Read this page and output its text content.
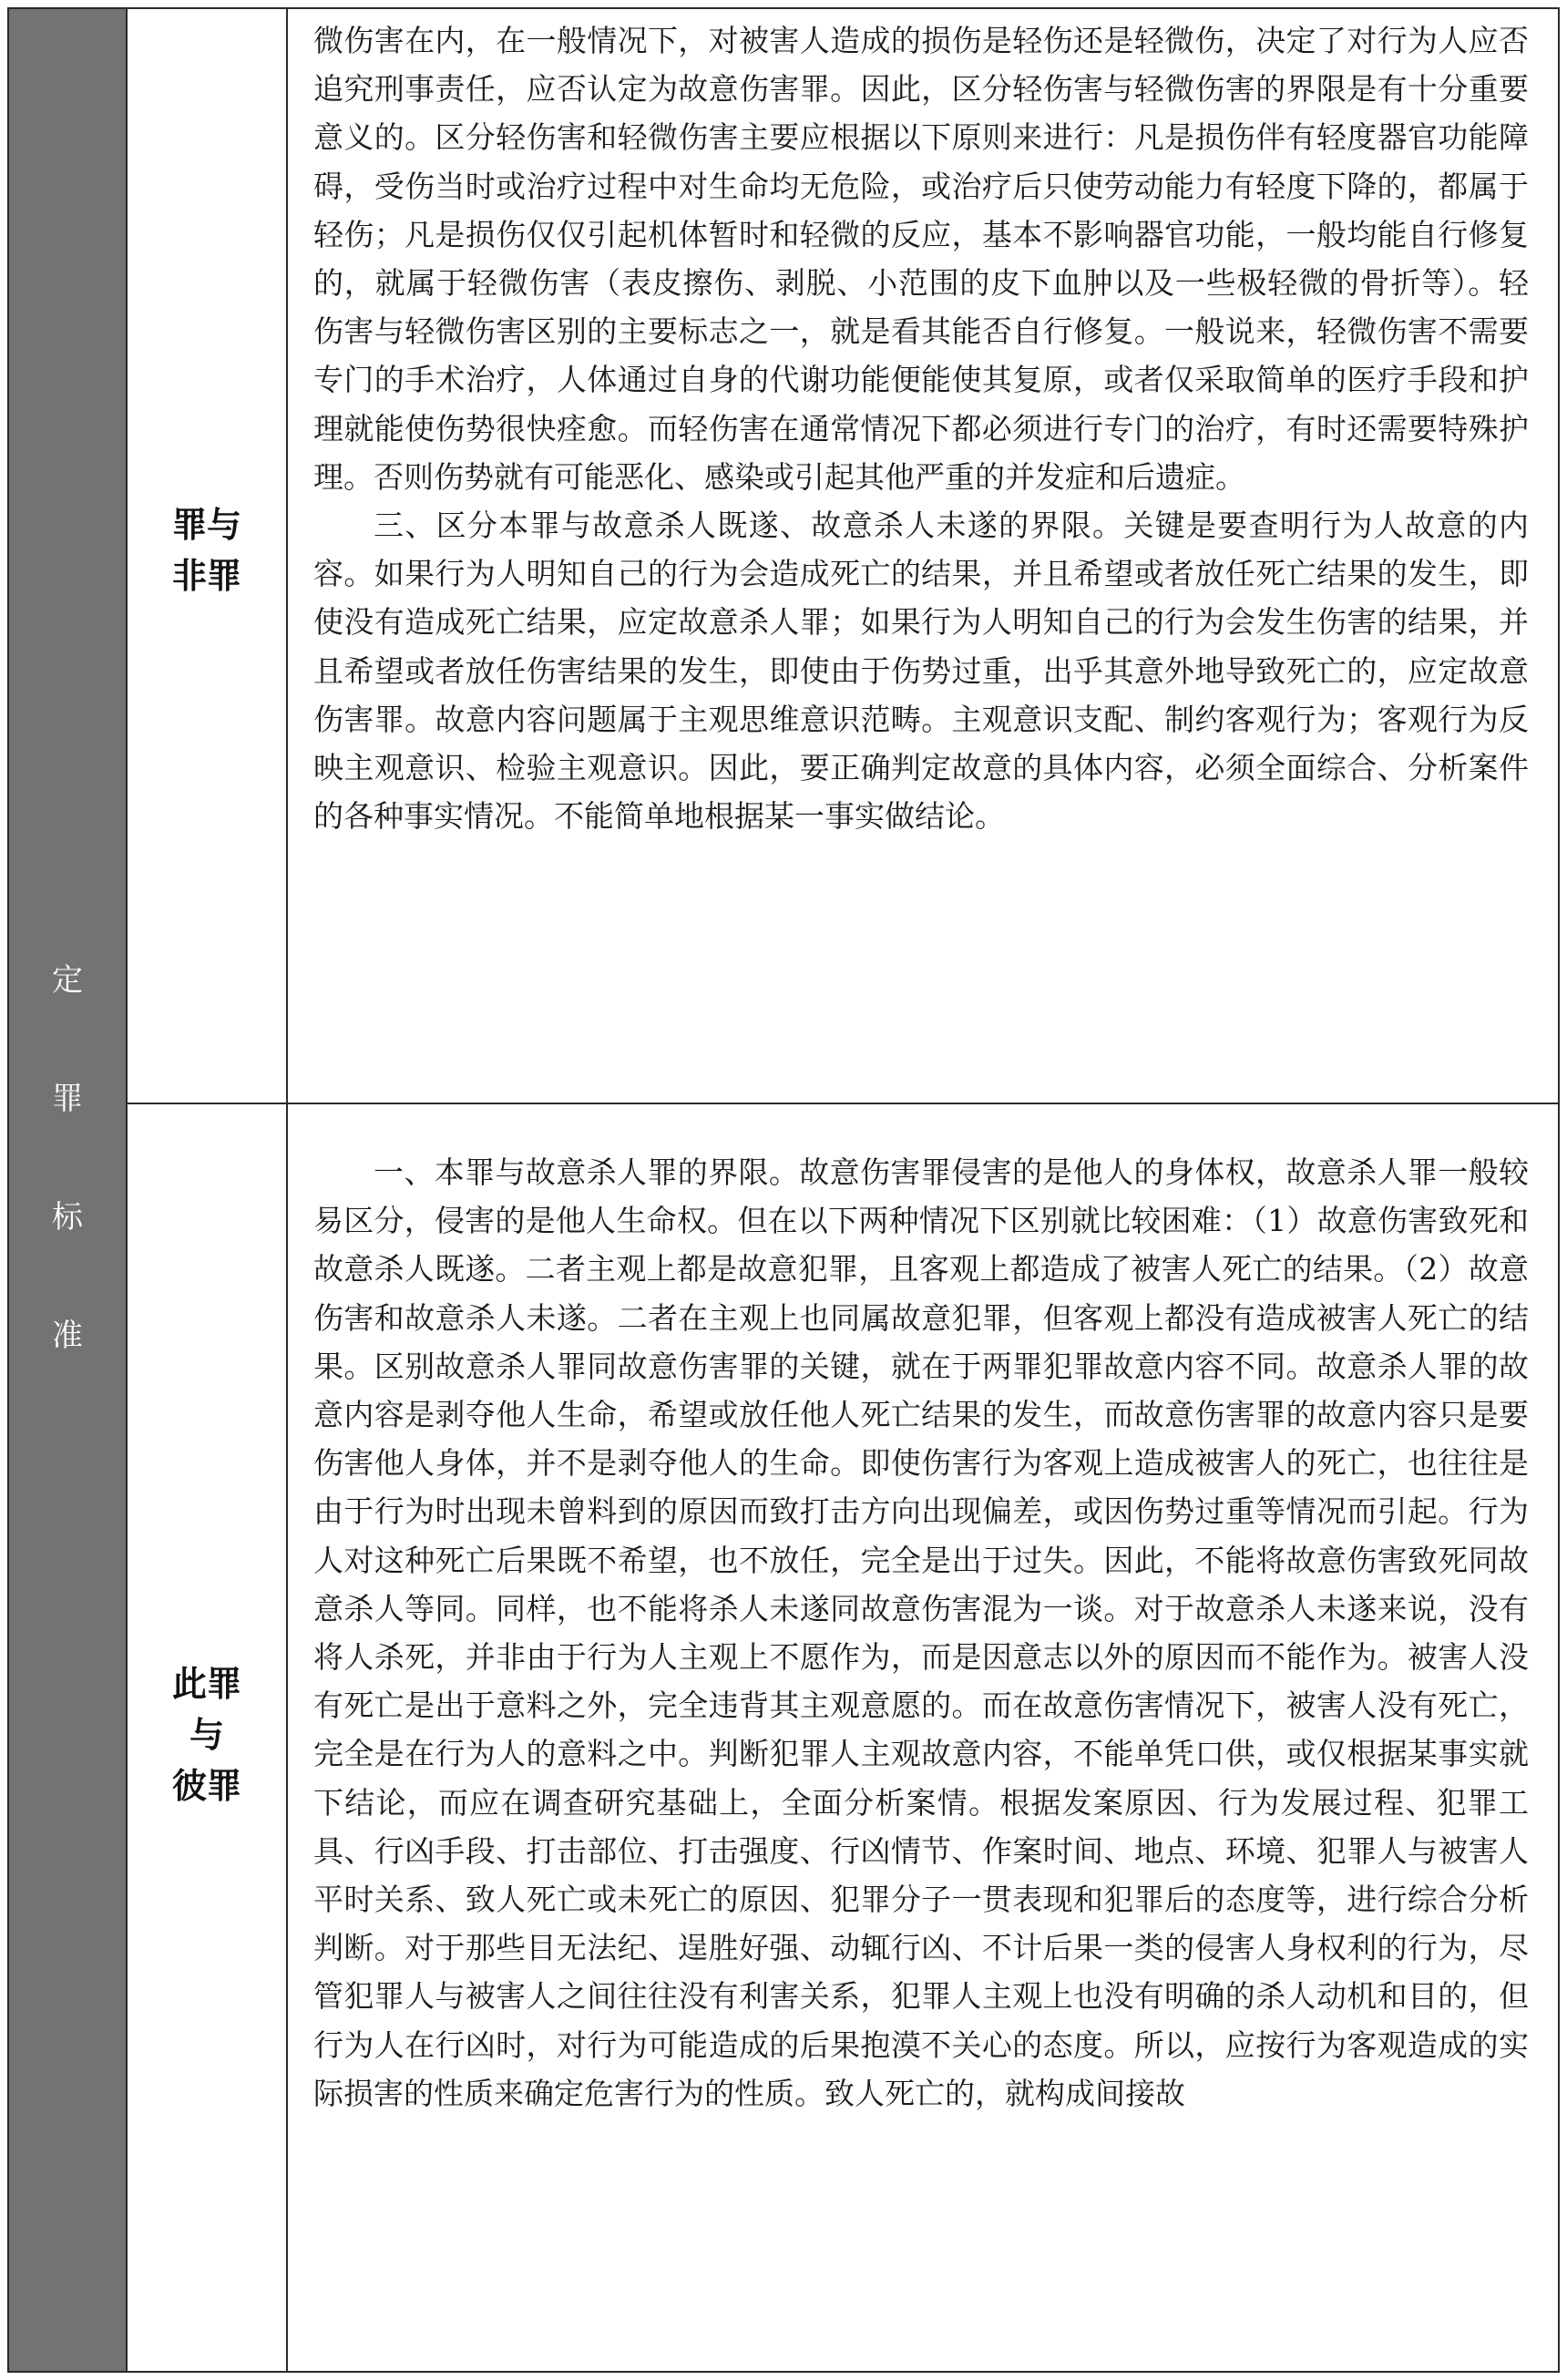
定
罪
标
准
罪与
非罪

微伤害在内，在一般情况下，对被害人造成的损伤是轻伤还是轻微伤，决定了对行为人应否追究刑事责任，应否认定为故意伤害罪。因此，区分轻伤害与轻微伤害的界限是有十分重要意义的。区分轻伤害和轻微伤害主要应根据以下原则来进行：凡是损伤伴有轻度器官功能障碍，受伤当时或治疗过程中对生命均无危险，或治疗后只使劳动能力有轻度下降的，都属于轻伤；凡是损伤仅仅引起机体暂时和轻微的反应，基本不影响器官功能，一般均能自行修复的，就属于轻微伤害（表皮擦伤、剥脱、小范围的皮下血肿以及一些极轻微的骨折等）。轻伤害与轻微伤害区别的主要标志之一，就是看其能否自行修复。一般说来，轻微伤害不需要专门的手术治疗，人体通过自身的代谢功能便能使其复原，或者仅采取简单的医疗手段和护理就能使伤势很快痊愈。而轻伤害在通常情况下都必须进行专门的治疗，有时还需要特殊护理。否则伤势就有可能恶化、感染或引起其他严重的并发症和后遗症。

三、区分本罪与故意杀人既遂、故意杀人未遂的界限。关键是要查明行为人故意的内容。如果行为人明知自己的行为会造成死亡的结果，并且希望或者放任死亡结果的发生，即使没有造成死亡结果，应定故意杀人罪；如果行为人明知自己的行为会发生伤害的结果，并且希望或者放任伤害结果的发生，即使由于伤势过重，出乎其意外地导致死亡的，应定故意伤害罪。故意内容问题属于主观思维意识范畴。主观意识支配、制约客观行为；客观行为反映主观意识、检验主观意识。因此，要正确判定故意的具体内容，必须全面综合、分析案件的各种事实情况。不能简单地根据某一事实做结论。

此罪
与
彼罪

一、本罪与故意杀人罪的界限。故意伤害罪侵害的是他人的身体权，故意杀人罪一般较易区分，侵害的是他人生命权。但在以下两种情况下区别就比较困难：（1）故意伤害致死和故意杀人既遂。二者主观上都是故意犯罪，且客观上都造成了被害人死亡的结果。（2）故意伤害和故意杀人未遂。二者在主观上也同属故意犯罪，但客观上都没有造成被害人死亡的结果。区别故意杀人罪同故意伤害罪的关键，就在于两罪犯罪故意内容不同。故意杀人罪的故意内容是剥夺他人生命，希望或放任他人死亡结果的发生，而故意伤害罪的故意内容只是要伤害他人身体，并不是剥夺他人的生命。即使伤害行为客观上造成被害人的死亡，也往往是由于行为时出现未曾料到的原因而致打击方向出现偏差，或因伤势过重等情况而引起。行为人对这种死亡后果既不希望，也不放任，完全是出于过失。因此，不能将故意伤害致死同故意杀人等同。同样，也不能将杀人未遂同故意伤害混为一谈。对于故意杀人未遂来说，没有将人杀死，并非由于行为人主观上不愿作为，而是因意志以外的原因而不能作为。被害人没有死亡是出于意料之外，完全违背其主观意愿的。而在故意伤害情况下，被害人没有死亡，完全是在行为人的意料之中。判断犯罪人主观故意内容，不能单凭口供，或仅根据某事实就下结论，而应在调查研究基础上，全面分析案情。根据发案原因、行为发展过程、犯罪工具、行凶手段、打击部位、打击强度、行凶情节、作案时间、地点、环境、犯罪人与被害人平时关系、致人死亡或未死亡的原因、犯罪分子一贯表现和犯罪后的态度等，进行综合分析判断。对于那些目无法纪、逞胜好强、动辄行凶、不计后果一类的侵害人身权利的行为，尽管犯罪人与被害人之间往往没有利害关系，犯罪人主观上也没有明确的杀人动机和目的，但行为人在行凶时，对行为可能造成的后果抱漠不关心的态度。所以，应按行为客观造成的实际损害的性质来确定危害行为的性质。致人死亡的，就构成间接故
